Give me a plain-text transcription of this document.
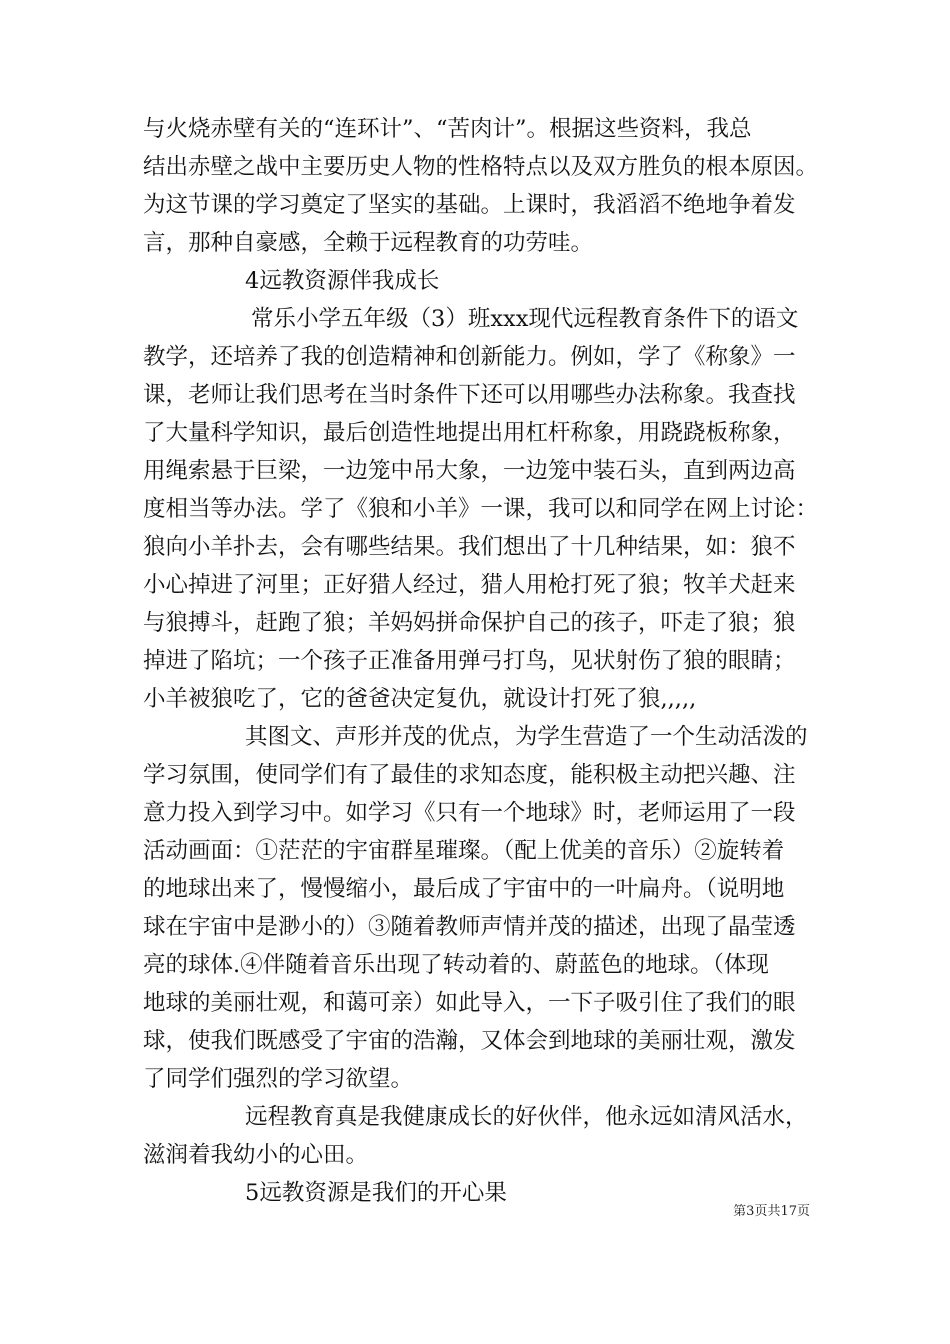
与火烧赤壁有关的“连环计”、“苦肉计”。根据这些资料，我总
结出赤壁之战中主要历史人物的性格特点以及双方胜负的根本原因。
为这节课的学习奠定了坚实的基础。上课时，我滔滔不绝地争着发
言，那种自豪感，全赖于远程教育的功劳哇。
4远教资源伴我成长
常乐小学五年级（3）班xxx现代远程教育条件下的语文
教学，还培养了我的创造精神和创新能力。例如，学了《称象》一
课，老师让我们思考在当时条件下还可以用哪些办法称象。我查找
了大量科学知识，最后创造性地提出用杠杆称象，用跷跷板称象，
用绳索悬于巨梁，一边笼中吊大象，一边笼中装石头，直到两边高
度相当等办法。学了《狼和小羊》一课，我可以和同学在网上讨论：
狼向小羊扑去，会有哪些结果。我们想出了十几种结果，如：狼不
小心掉进了河里；正好猎人经过，猎人用枪打死了狼；牧羊犬赶来
与狼搏斗，赶跑了狼；羊妈妈拼命保护自己的孩子，吓走了狼；狼
掉进了陷坑；一个孩子正准备用弹弓打鸟，见状射伤了狼的眼睛；
小羊被狼吃了，它的爸爸决定复仇，就设计打死了狼,,,,,
其图文、声形并茂的优点，为学生营造了一个生动活泼的
学习氛围，使同学们有了最佳的求知态度，能积极主动把兴趣、注
意力投入到学习中。如学习《只有一个地球》时，老师运用了一段
活动画面：①茫茫的宇宙群星璀璨。（配上优美的音乐）②旋转着
的地球出来了，慢慢缩小，最后成了宇宙中的一叶扁舟。（说明地
球在宇宙中是渺小的）③随着教师声情并茂的描述，出现了晶莹透
亮的球体.④伴随着音乐出现了转动着的、蔚蓝色的地球。（体现
地球的美丽壮观，和蔼可亲）如此导入，一下子吸引住了我们的眼
球，使我们既感受了宇宙的浩瀚，又体会到地球的美丽壮观，激发
了同学们强烈的学习欲望。
远程教育真是我健康成长的好伙伴，他永远如清风活水，
滋润着我幼小的心田。
5远教资源是我们的开心果
第3页共17页
